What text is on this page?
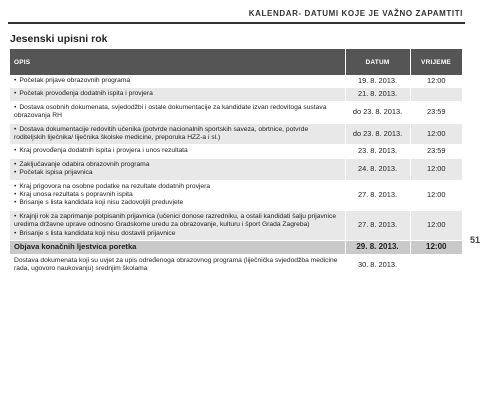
KALENDAR- DATUMI KOJE JE VAŽNO ZAPAMTITI
Jesenski upisni rok
51
OPIS	DATUM	VRIJEME

• Početak prijave obrazovnih programa	19. 8. 2013.	12:00

• Početak provođenja dodatnih ispita i provjera	21. 8. 2013.	

• Dostava osobnih dokumenata, svjedodžbi i ostale dokumentacije za kandidate izvan redovitoga sustava obrazovanja RH	do 23. 8. 2013.	23:59

• Dostava dokumentacije redovitih učenika (potvrde nacionalnih sportskih saveza, obrtnice, potvrde roditeljskih liječnika/ liječnika školske medicine, preporuka HZZ-a i sl.)	do 23. 8. 2013.	12:00

• Kraj provođenja dodatnih ispita i provjera i unos rezultata	23. 8. 2013.	23:59

• Zaključavanje odabira obrazovnih programa
• Početak ispisa prijavnica	24. 8. 2013.	12:00

• Kraj prigovora na osobne podatke na rezultate dodatnih provjera
• Kraj unosa rezultata s popravnih ispita
• Brisanje s lista kandidata koji nisu zadovoljili preduvjete	27. 8. 2013.	12:00

• Krajnji rok za zaprimanje potpisanih prijavnica (učenici donose razredniku, a ostali kandidati šalju prijavnice uredima državne uprave odnosno Gradskome uredu za obrazovanje, kulturu i šport Grada Zagreba)
• Brisanje s lista kandidata koji nisu dostavili prijavnice	27. 8. 2013.	12:00

Objava konačnih ljestvica poretka	29. 8. 2013.	12:00

Dostava dokumenata koji su uvjet za upis određenoga obrazovnog programa (liječnička svjedodžba medicine rada, ugovoro naukovanju) srednjim školama	30. 8. 2013.	
